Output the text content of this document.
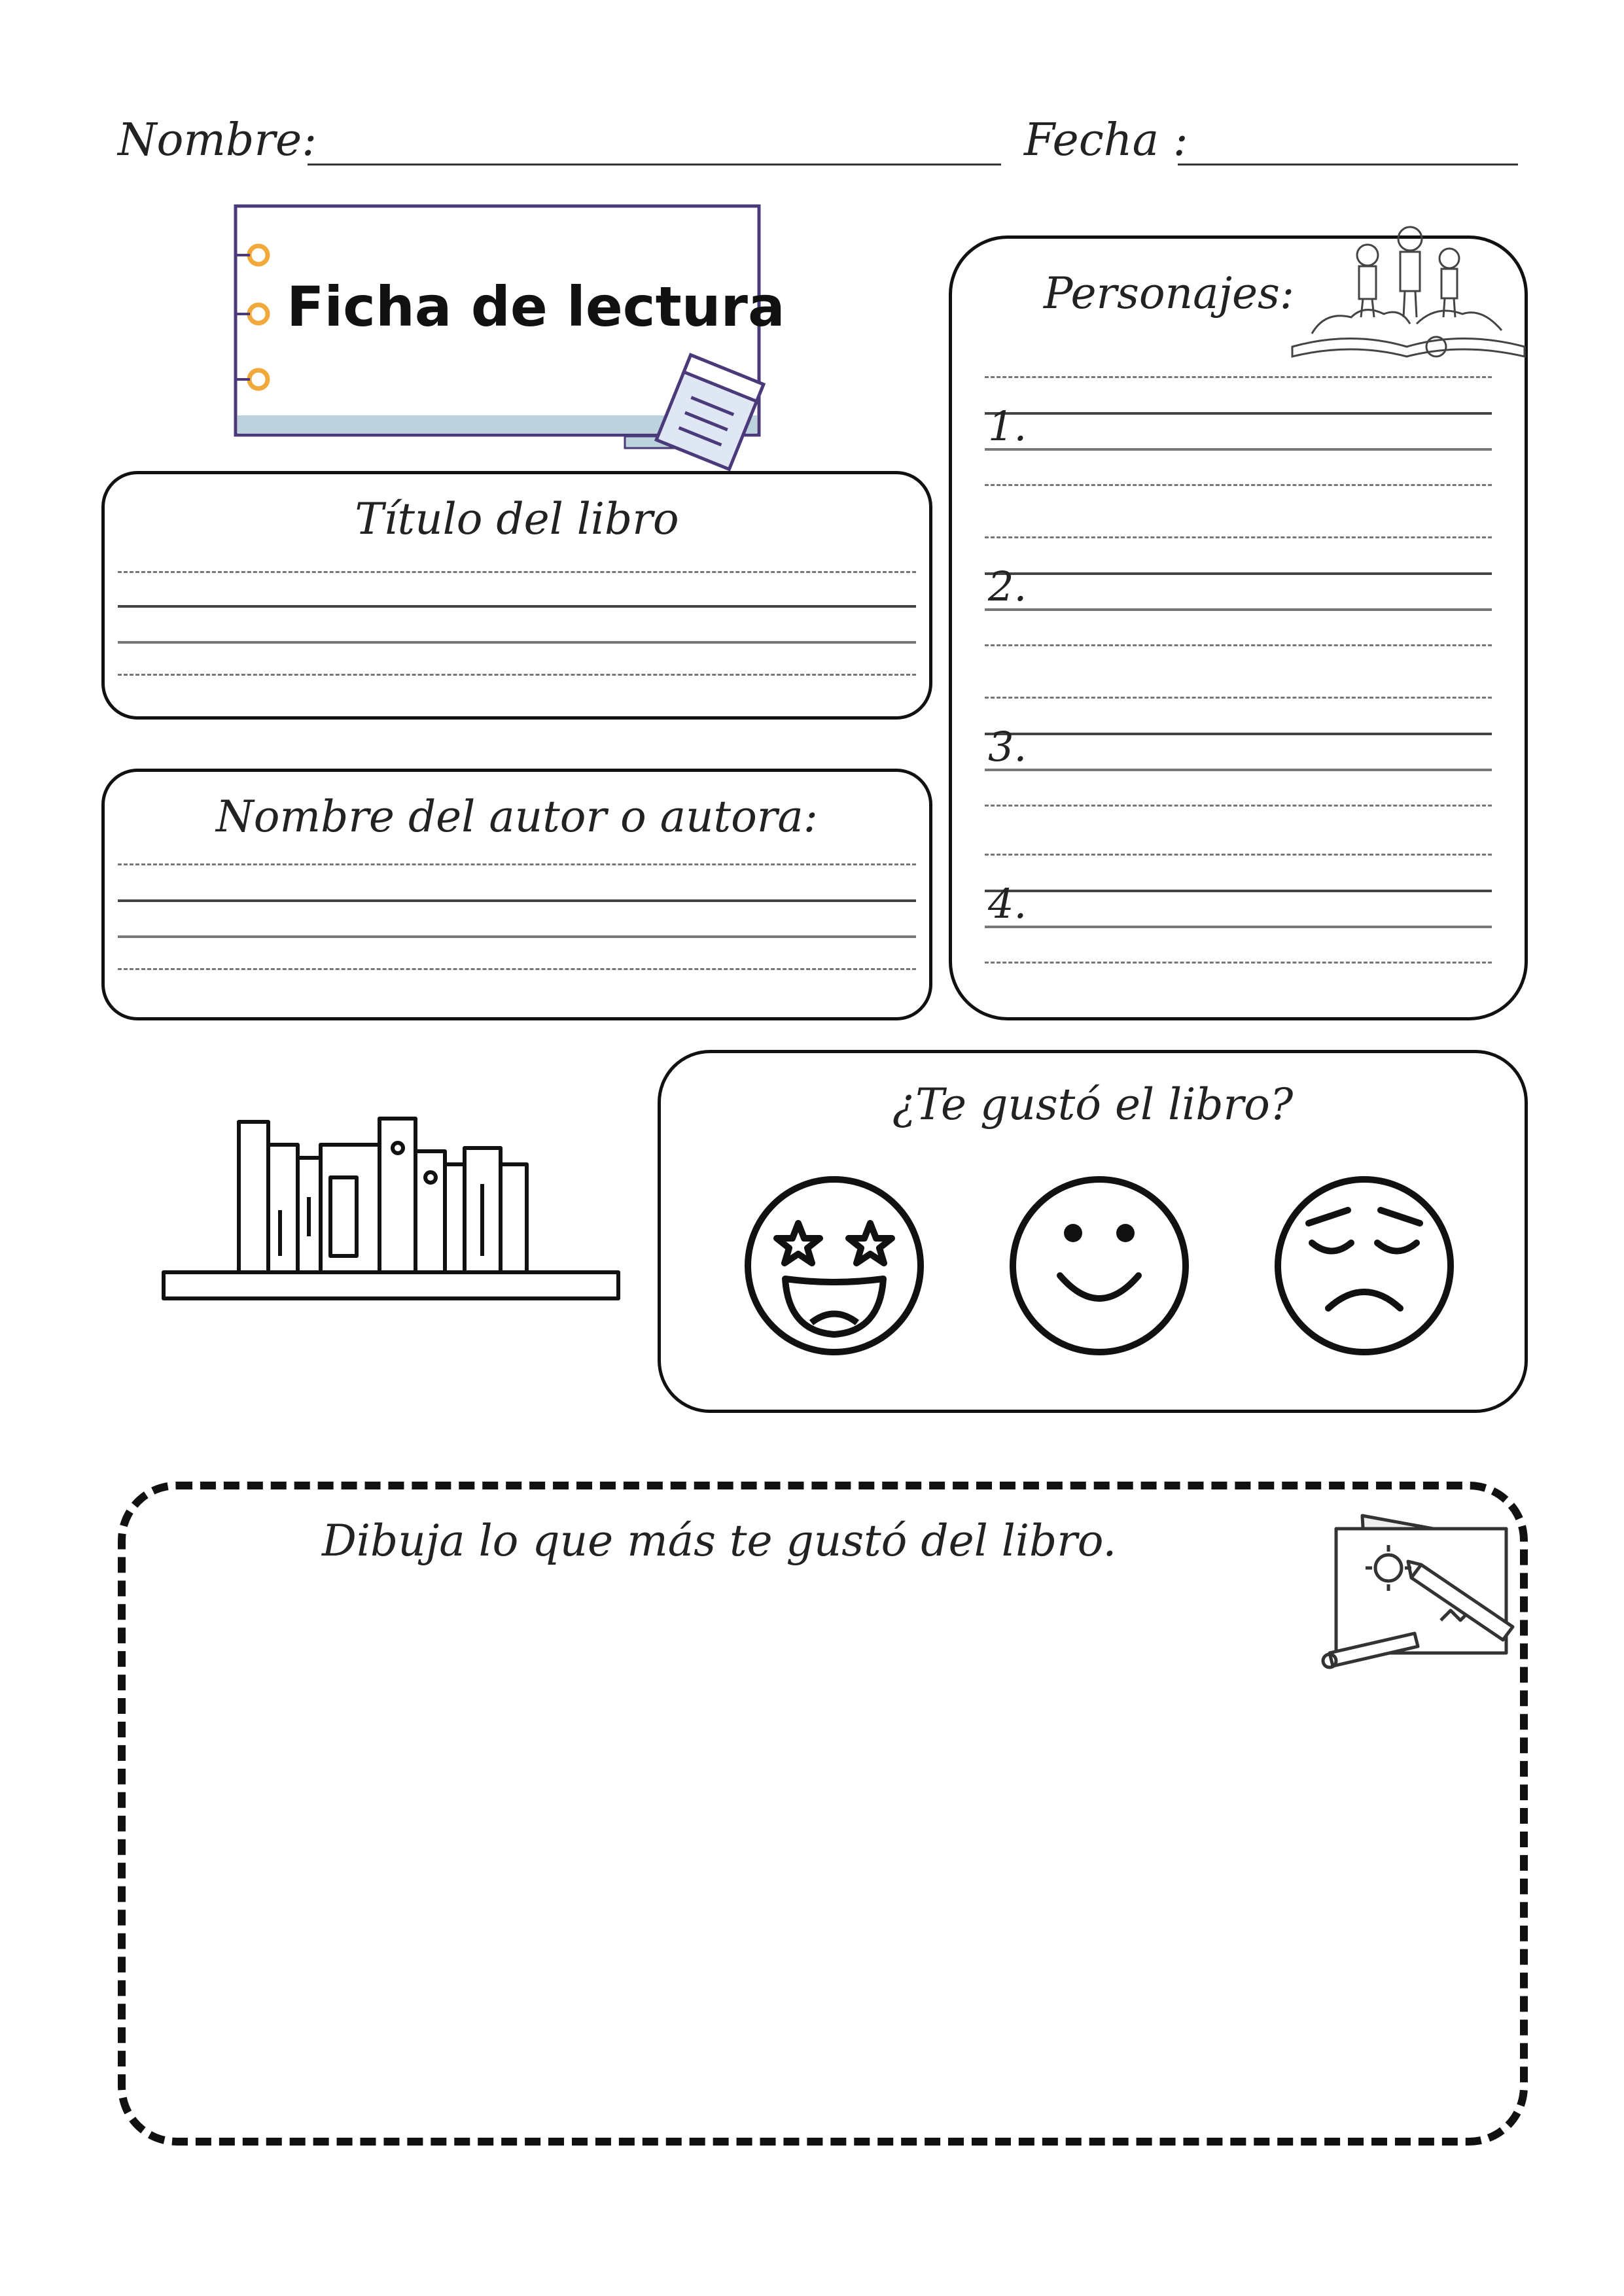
Nombre:	Fecha :
Ficha de lectura
Título del libro
Nombre del autor o autora:
Personajes:
1.
2.
3.
4.
¿Te gustó el libro?
Dibuja lo que más te gustó del libro.
